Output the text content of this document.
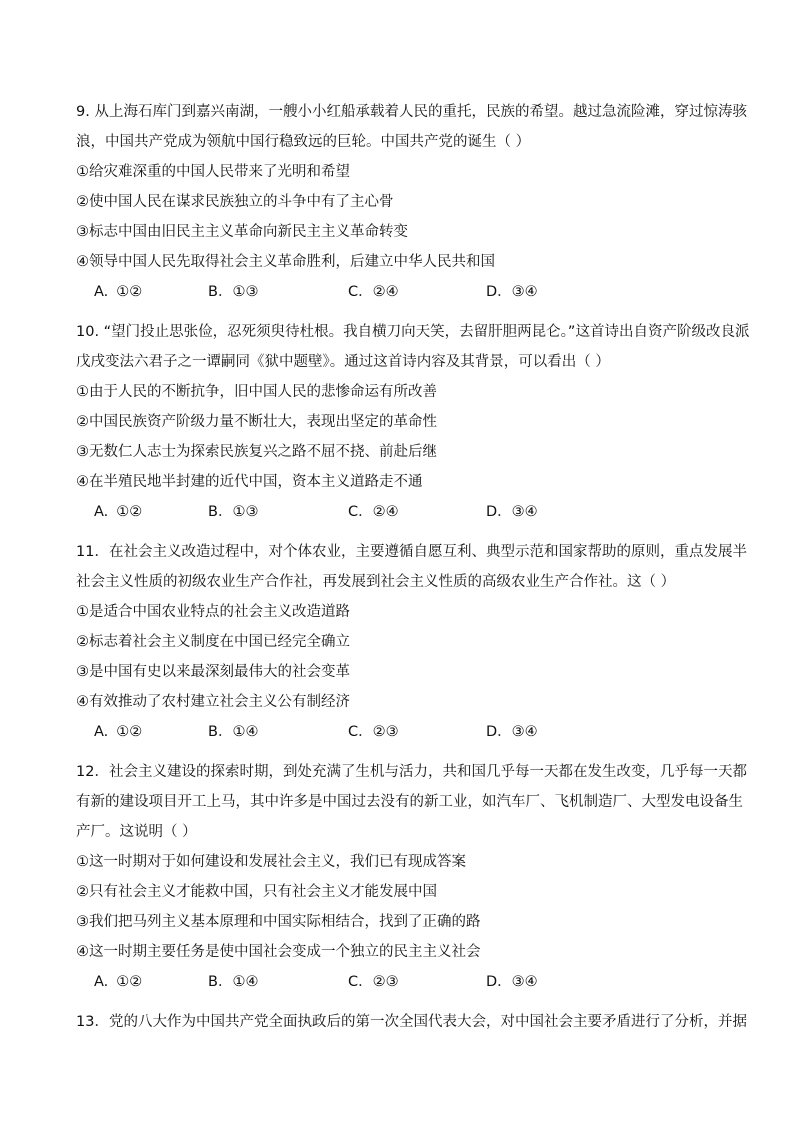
9. 从上海石库门到嘉兴南湖，一艘小小红船承载着人民的重托，民族的希望。越过急流险滩，穿过惊涛骇
浪，中国共产党成为领航中国行稳致远的巨轮。中国共产党的诞生（ ）
①给灾难深重的中国人民带来了光明和希望
②使中国人民在谋求民族独立的斗争中有了主心骨
③标志中国由旧民主主义革命向新民主主义革命转变
④领导中国人民先取得社会主义革命胜利，后建立中华人民共和国
A. ①②	B．①③	C．②④	D．③④
10. “望门投止思张俭，忍死须臾待杜根。我自横刀向天笑，去留肝胆两昆仑。”这首诗出自资产阶级改良派
戊戌变法六君子之一谭嗣同《狱中题壁》。通过这首诗内容及其背景，可以看出（ ）
①由于人民的不断抗争，旧中国人民的悲惨命运有所改善
②中国民族资产阶级力量不断壮大，表现出坚定的革命性
③无数仁人志士为探索民族复兴之路不屈不挠、前赴后继
④在半殖民地半封建的近代中国，资本主义道路走不通
A. ①②	B．①③	C．②④	D．③④
11．在社会主义改造过程中，对个体农业，主要遵循自愿互利、典型示范和国家帮助的原则，重点发展半
社会主义性质的初级农业生产合作社，再发展到社会主义性质的高级农业生产合作社。这（ ）
①是适合中国农业特点的社会主义改造道路
②标志着社会主义制度在中国已经完全确立
③是中国有史以来最深刻最伟大的社会变革
④有效推动了农村建立社会主义公有制经济
A. ①②	B．①④	C．②③	D．③④
12．社会主义建设的探索时期，到处充满了生机与活力，共和国几乎每一天都在发生改变，几乎每一天都
有新的建设项目开工上马，其中许多是中国过去没有的新工业，如汽车厂、飞机制造厂、大型发电设备生
产厂。这说明（ ）
①这一时期对于如何建设和发展社会主义，我们已有现成答案
②只有社会主义才能救中国，只有社会主义才能发展中国
③我们把马列主义基本原理和中国实际相结合，找到了正确的路
④这一时期主要任务是使中国社会变成一个独立的民主主义社会
A. ①②	B．①④	C．②③	D．③④
13．党的八大作为中国共产党全面执政后的第一次全国代表大会，对中国社会主要矛盾进行了分析，并据
